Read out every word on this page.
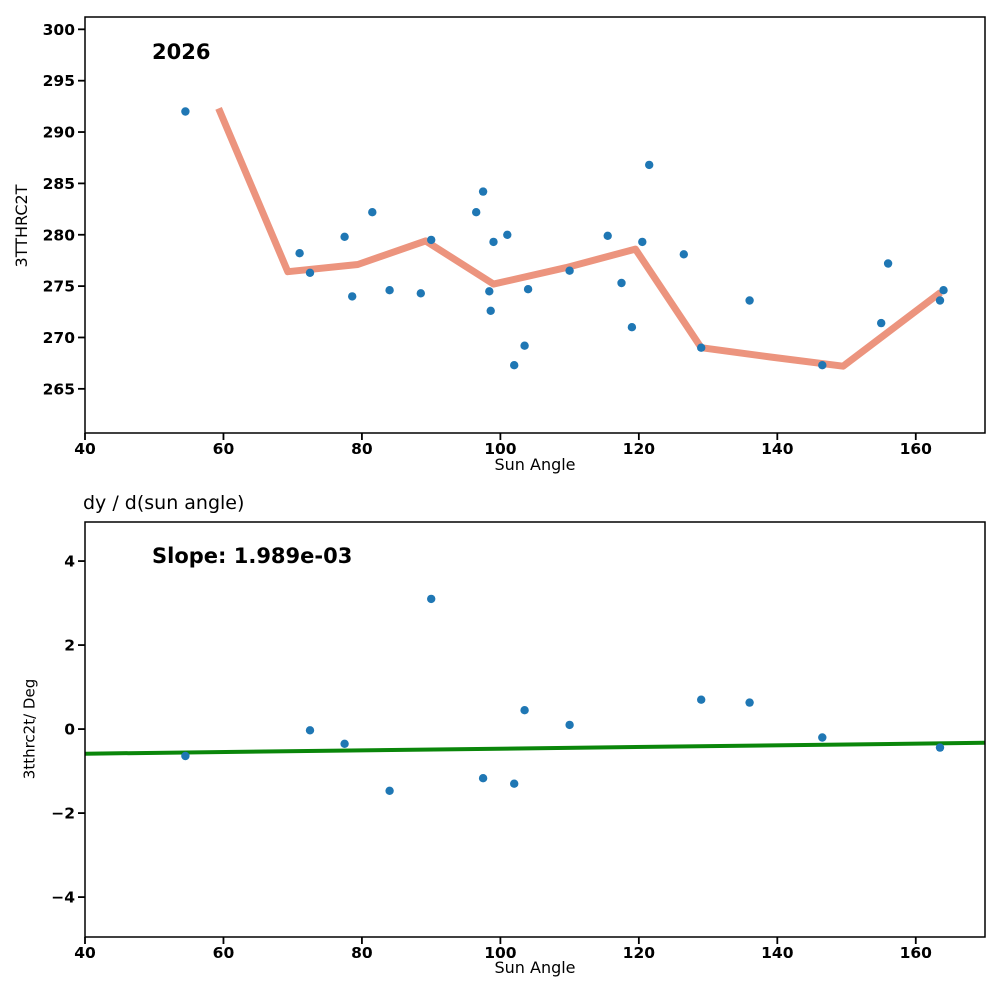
40	60	80	100	120	140	160
265
270
275
280
285
290
295
300
40	60	80	100	120	140	160
−4
−2
0
2
4
2026
Sun Angle
3TTHRC2T
dy / d(sun angle)
Slope: 1.989e-03
Sun Angle
3tthrc2t/ Deg
